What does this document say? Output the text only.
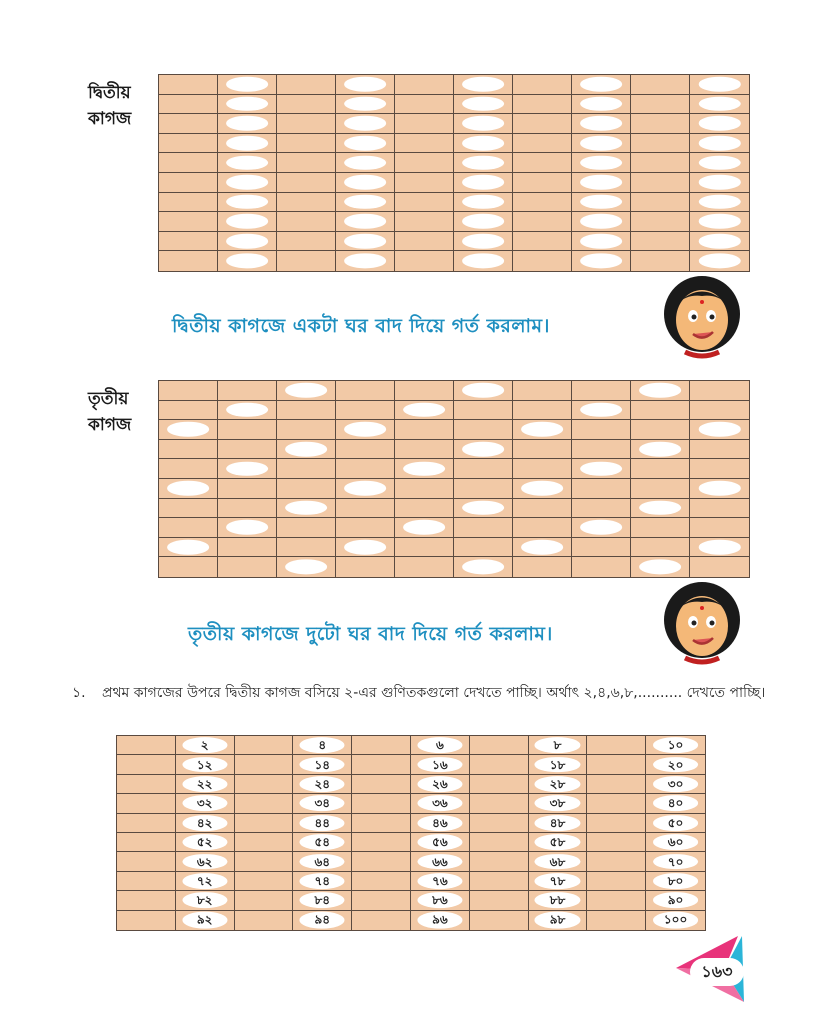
দ্বিতীয়
কাগজ
দ্বিতীয় কাগজে একটা ঘর বাদ দিয়ে গর্ত করলাম।
তৃতীয়
কাগজ
তৃতীয় কাগজে দুটো ঘর বাদ দিয়ে গর্ত করলাম।
১. প্রথম কাগজের উপরে দ্বিতীয় কাগজ বসিয়ে ২-এর গুণিতকগুলো দেখতে পাচ্ছি। অর্থাৎ ২,৪,৬,৮,.......... দেখতে পাচ্ছি।
২	৪	৬	৮	১০
১২	১৪	১৬	১৮	২০
২২	২৪	২৬	২৮	৩০
৩২	৩৪	৩৬	৩৮	৪০
৪২	৪৪	৪৬	৪৮	৫০
৫২	৫৪	৫৬	৫৮	৬০
৬২	৬৪	৬৬	৬৮	৭০
৭২	৭৪	৭৬	৭৮	৮০
৮২	৮৪	৮৬	৮৮	৯০
৯২	৯৪	৯৬	৯৮	১০০
১৬৩
